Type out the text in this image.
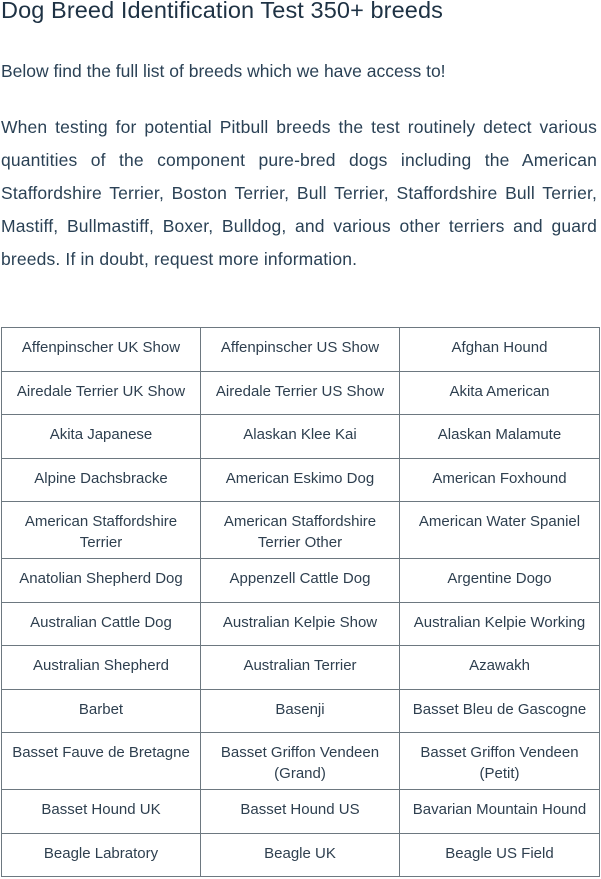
Dog Breed Identification Test 350+ breeds

Below find the full list of breeds which we have access to!

When testing for potential Pitbull breeds the test routinely detect various quantities of the component pure-bred dogs including the American Staffordshire Terrier, Boston Terrier, Bull Terrier, Staffordshire Bull Terrier, Mastiff, Bullmastiff, Boxer, Bulldog, and various other terriers and guard breeds. If in doubt, request more information.

Affenpinscher UK Show	Affenpinscher US Show	Afghan Hound
Airedale Terrier UK Show	Airedale Terrier US Show	Akita American
Akita Japanese	Alaskan Klee Kai	Alaskan Malamute
Alpine Dachsbracke	American Eskimo Dog	American Foxhound
American Staffordshire Terrier	American Staffordshire Terrier Other	American Water Spaniel
Anatolian Shepherd Dog	Appenzell Cattle Dog	Argentine Dogo
Australian Cattle Dog	Australian Kelpie Show	Australian Kelpie Working
Australian Shepherd	Australian Terrier	Azawakh
Barbet	Basenji	Basset Bleu de Gascogne
Basset Fauve de Bretagne	Basset Griffon Vendeen (Grand)	Basset Griffon Vendeen (Petit)
Basset Hound UK	Basset Hound US	Bavarian Mountain Hound
Beagle Labratory	Beagle UK	Beagle US Field
